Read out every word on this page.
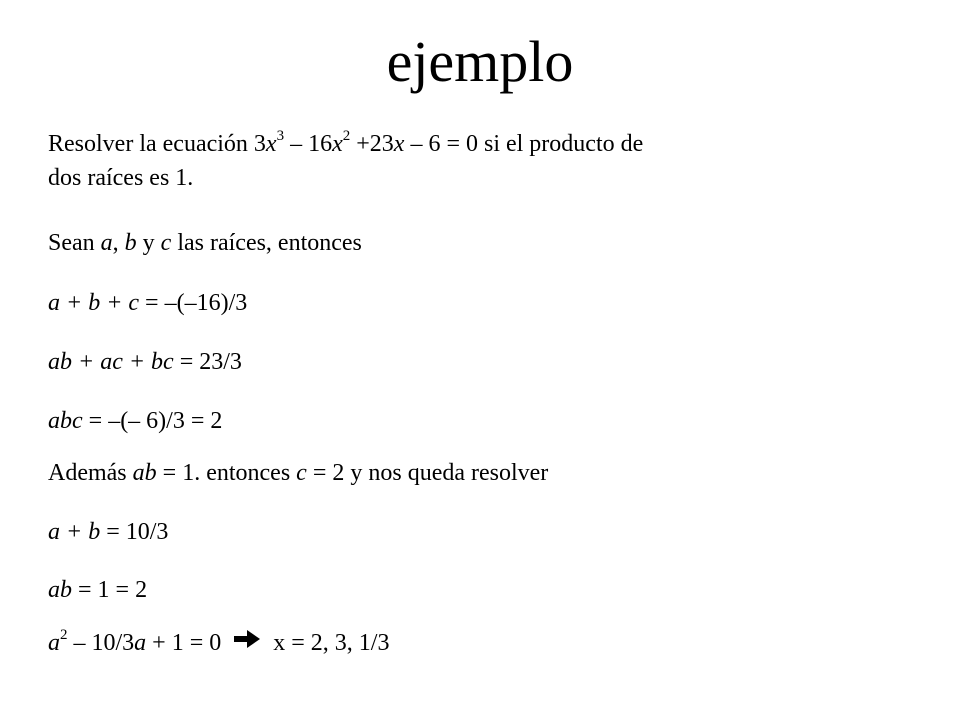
ejemplo
Resolver la ecuación $3x^3 - 16x^2 +23x - 6 = 0$ si el producto de
dos raíces es 1.
Sean a, b y c las raíces, entonces
a + b + c = –(–16)/3
ab + ac + bc = 23/3
abc = –(– 6)/3 = 2
Además ab = 1. entonces c = 2 y nos queda resolver
a + b = 10/3
ab = 1 = 2
$a^2 - 10/3a + 1 = 0$ x = 2, 3, 1/3
